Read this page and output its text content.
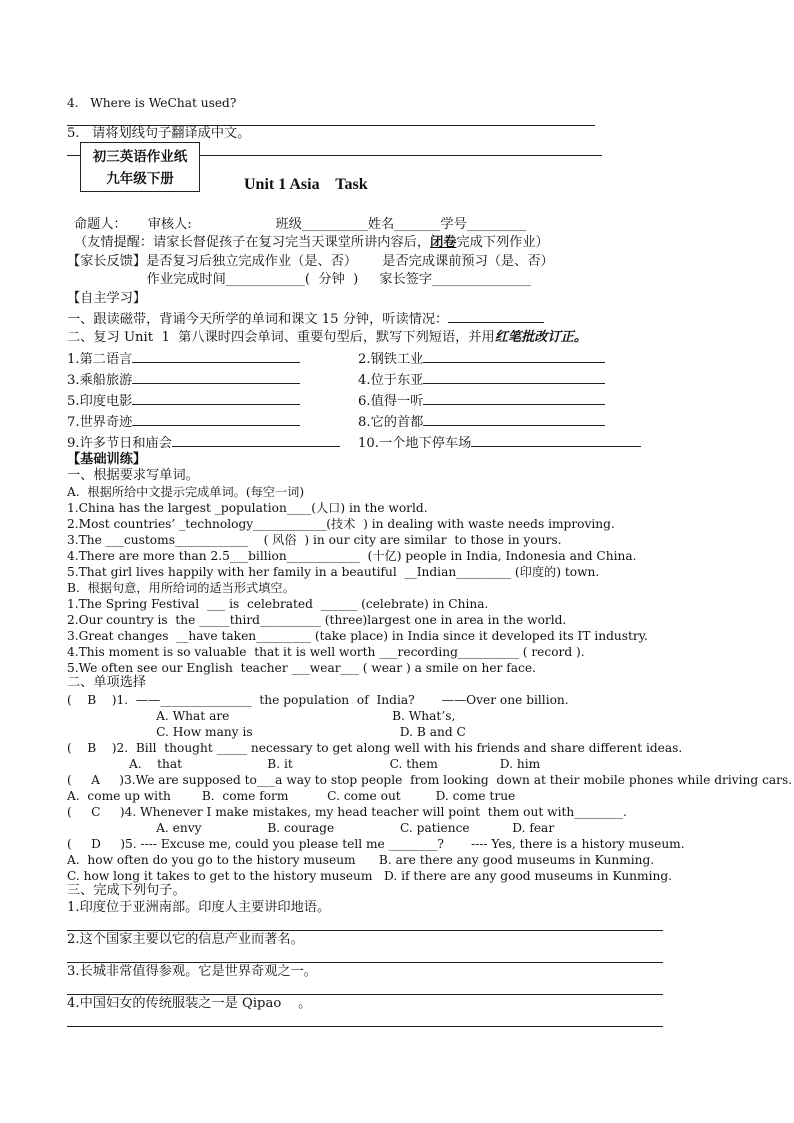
4.   Where is WeChat used?
5.   请将划线句子翻译成中文。
初三英语作业纸
九年级下册	Unit 1 Asia    Task
命题人：     审核人:                    班级__________姓名_______学号_________
（友情提醒：请家长督促孩子在复习完当天课堂所讲内容后，闭卷完成下列作业）
【家长反馈】是否复习后独立完成作业（是、否）      是否完成课前预习（是、否）
作业完成时间____________(  分钟  )     家长签字_______________
【自主学习】
一、跟读磁带，背诵今天所学的单词和课文 15 分钟，听读情况：
二、复习 Unit  1  第八课时四会单词、重要句型后，默写下列短语，并用红笔批改订正。
1.第二语言	2.钢铁工业
3.乘船旅游	4.位于东亚
5.印度电影	6.值得一听
7.世界奇迹	8.它的首都
9.许多节日和庙会	10.一个地下停车场
【基础训练】
一、根据要求写单词。
A.  根据所给中文提示完成单词。(每空一词)
1.China has the largest _population____(人口) in the world.
2.Most countries’ _technology____________(技术  ) in dealing with waste needs improving.
3.The ___customs____________    ( 风俗  ) in our city are similar  to those in yours.
4.There are more than 2.5___billion____________  (十亿) people in India, Indonesia and China.
5.That girl lives happily with her family in a beautiful  __Indian_________ (印度的) town.
B.  根据句意，用所给词的适当形式填空。
1.The Spring Festival  ___ is  celebrated  ______ (celebrate) in China.
2.Our country is  the _____third__________ (three)largest one in area in the world.
3.Great changes  __have taken_________ (take place) in India since it developed its IT industry.
4.This moment is so valuable  that it is well worth ___recording__________ ( record ).
5.We often see our English  teacher ___wear___ ( wear ) a smile on her face.
二、单项选择
(    B    )1.  ——_______________  the population  of  India?       ——Over one billion.
A. What are                                          B. What’s,
C. How many is                                      D. B and C
(    B    )2.  Bill  thought _____ necessary to get along well with his friends and share different ideas.
A.    that                      B. it                         C. them                D. him
(     A     )3.We are supposed to___a way to stop people  from looking  down at their mobile phones while driving cars.
A.  come up with        B.  come form          C. come out         D. come true
(     C     )4. Whenever I make mistakes, my head teacher will point  them out with________.
A. envy                 B. courage                 C. patience           D. fear
(     D     )5. ---- Excuse me, could you please tell me ________?       ---- Yes, there is a history museum.
A.  how often do you go to the history museum      B. are there any good museums in Kunming.
C. how long it takes to get to the history museum   D. if there are any good museums in Kunming.
三、完成下列句子。
1.印度位于亚洲南部。印度人主要讲印地语。
2.这个国家主要以它的信息产业而著名。
3.长城非常值得参观。它是世界奇观之一。
4.中国妇女的传统服装之一是 Qipao    。
